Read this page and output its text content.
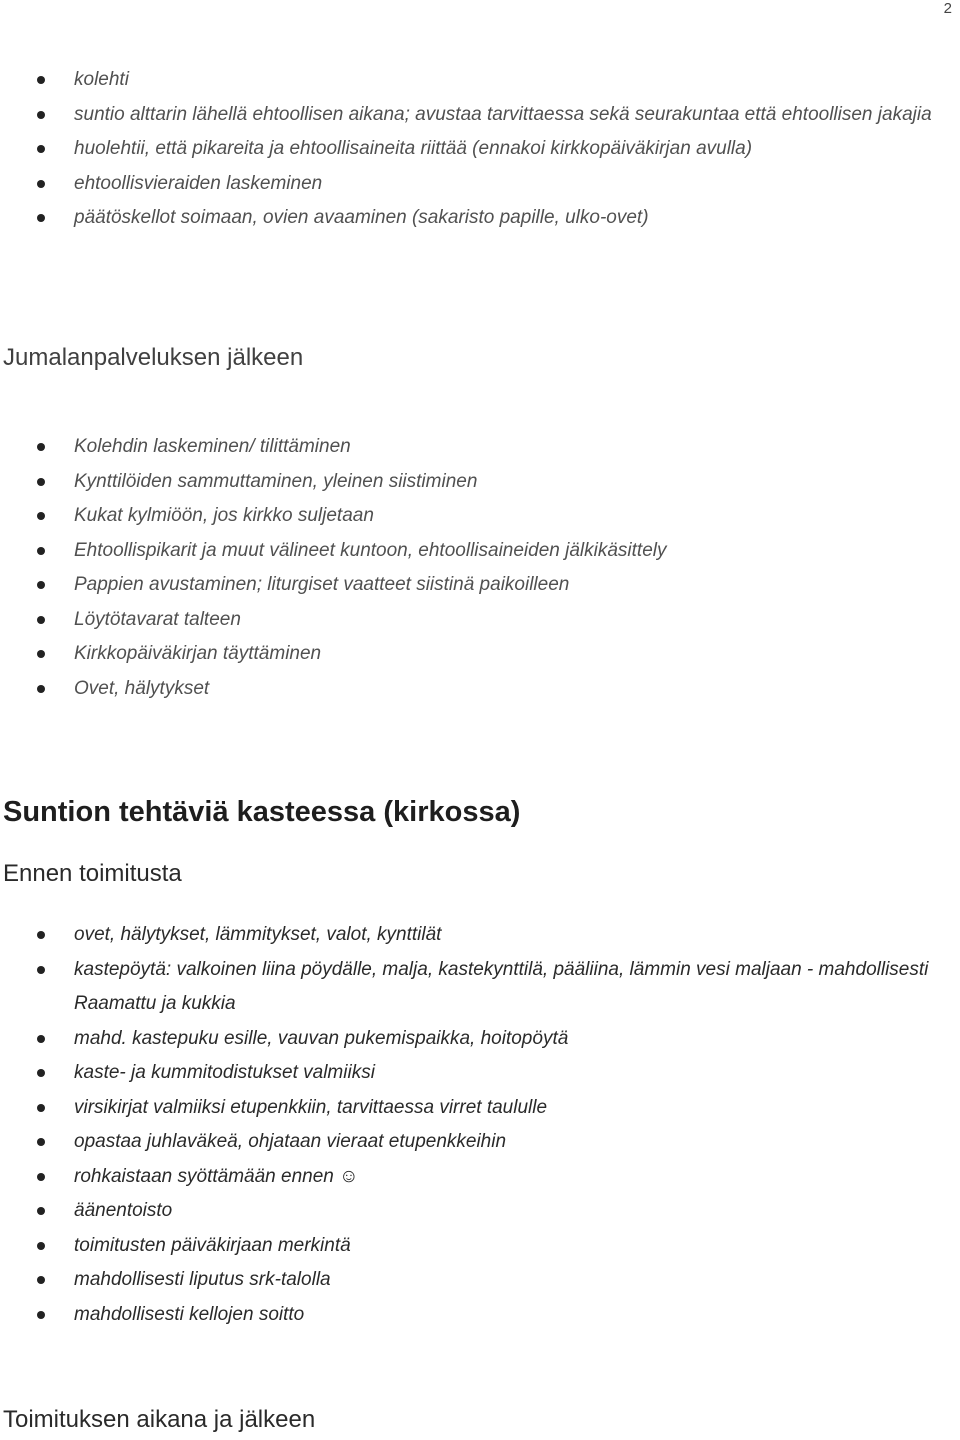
2
kolehti
suntio alttarin lähellä ehtoollisen aikana; avustaa tarvittaessa sekä seurakuntaa että ehtoollisen jakajia
huolehtii, että pikareita ja ehtoollisaineita riittää (ennakoi kirkkopäiväkirjan avulla)
ehtoollisvieraiden laskeminen
päätöskellot soimaan, ovien avaaminen (sakaristo papille, ulko-ovet)
Jumalanpalveluksen jälkeen
Kolehdin laskeminen/ tilittäminen
Kynttilöiden sammuttaminen, yleinen siistiminen
Kukat kylmiöön, jos kirkko suljetaan
Ehtoollispikarit ja muut välineet kuntoon, ehtoollisaineiden jälkikäsittely
Pappien avustaminen; liturgiset vaatteet siistinä paikoilleen
Löytötavarat talteen
Kirkkopäiväkirjan täyttäminen
Ovet, hälytykset
Suntion tehtäviä kasteessa (kirkossa)
Ennen toimitusta
ovet, hälytykset, lämmitykset, valot, kynttilät
kastepöytä: valkoinen liina pöydälle, malja, kastekynttilä, pääliina, lämmin vesi maljaan - mahdollisesti Raamattu ja kukkia
mahd. kastepuku esille, vauvan pukemispaikka, hoitopöytä
kaste- ja kummitodistukset valmiiksi
virsikirjat valmiiksi etupenkkiin, tarvittaessa virret taululle
opastaa juhlaväkeä, ohjataan vieraat etupenkkeihin
rohkaistaan syöttämään ennen ☺
äänentoisto
toimitusten päiväkirjaan merkintä
mahdollisesti liputus srk-talolla
mahdollisesti kellojen soitto
Toimituksen aikana ja jälkeen
